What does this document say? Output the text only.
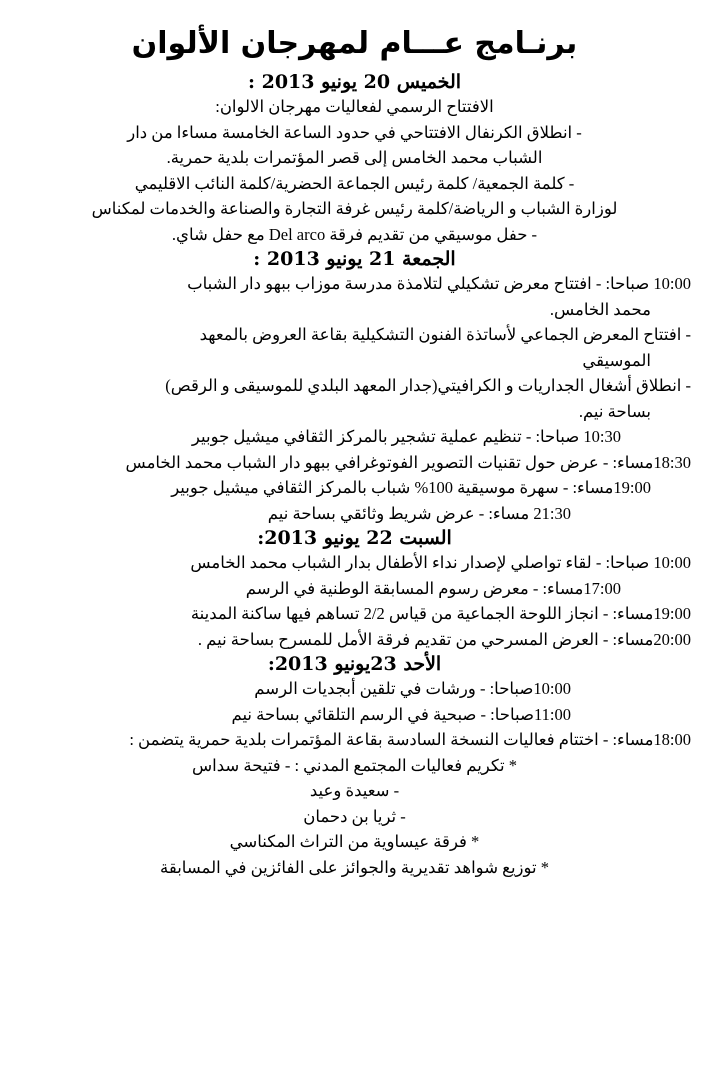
برنـامج عـــام لمهرجان الألوان
الخميس 20 يونيو 2013 :

الافتتاح الرسمي لفعاليات مهرجان الالوان:

- انطلاق الكرنفال الافتتاحي في حدود الساعة الخامسة مساءا من دار

الشباب محمد الخامس إلى قصر المؤتمرات بلدية حمرية.

- كلمة الجمعية/ كلمة رئيس الجماعة الحضرية/كلمة النائب الاقليمي

لوزارة الشباب و الرياضة/كلمة رئيس غرفة التجارة والصناعة والخدمات لمكناس

- حفل موسيقي من تقديم فرقة Del arco مع حفل شاي.

الجمعة 21 يونيو 2013 :

10:00 صباحا: - افتتاح معرض تشكيلي لتلامذة مدرسة موزاب ببهو دار الشباب

محمد الخامس.

- افتتاح المعرض الجماعي لأساتذة الفنون التشكيلية بقاعة العروض بالمعهد

الموسيقي

- انطلاق أشغال الجداريات و الكرافيتي(جدار المعهد البلدي للموسيقى و الرقص)

بساحة نيم.

10:30 صباحا: - تنظيم عملية تشجير بالمركز الثقافي ميشيل جوبير

18:30مساء: - عرض حول تقنيات التصوير الفوتوغرافي ببهو دار الشباب محمد الخامس

19:00مساء: - سهرة موسيقية 100% شباب بالمركز الثقافي ميشيل جوبير

21:30 مساء: - عرض شريط وثائقي بساحة نيم

السبت 22 يونيو 2013:

10:00 صباحا: - لقاء تواصلي لإصدار نداء الأطفال بدار الشباب محمد الخامس

17:00مساء: - معرض رسوم المسابقة الوطنية في الرسم

19:00مساء: - انجاز اللوحة الجماعية من قياس 2/2 تساهم فيها ساكنة المدينة

20:00مساء: - العرض المسرحي من تقديم فرقة الأمل للمسرح بساحة نيم .

الأحد 23يونيو 2013:

10:00صباحا: - ورشات في تلقين أبجديات الرسم

11:00صباحا: - صبحية في الرسم التلقائي بساحة نيم

18:00مساء: - اختتام فعاليات النسخة السادسة بقاعة المؤتمرات بلدية حمرية يتضمن :

* تكريم فعاليات المجتمع المدني : - فتيحة سداس

- سعيدة وعيد

- ثريا بن دحمان

* فرقة عيساوية من التراث المكناسي

* توزيع شواهد تقديرية والجوائز على الفائزين في المسابقة
